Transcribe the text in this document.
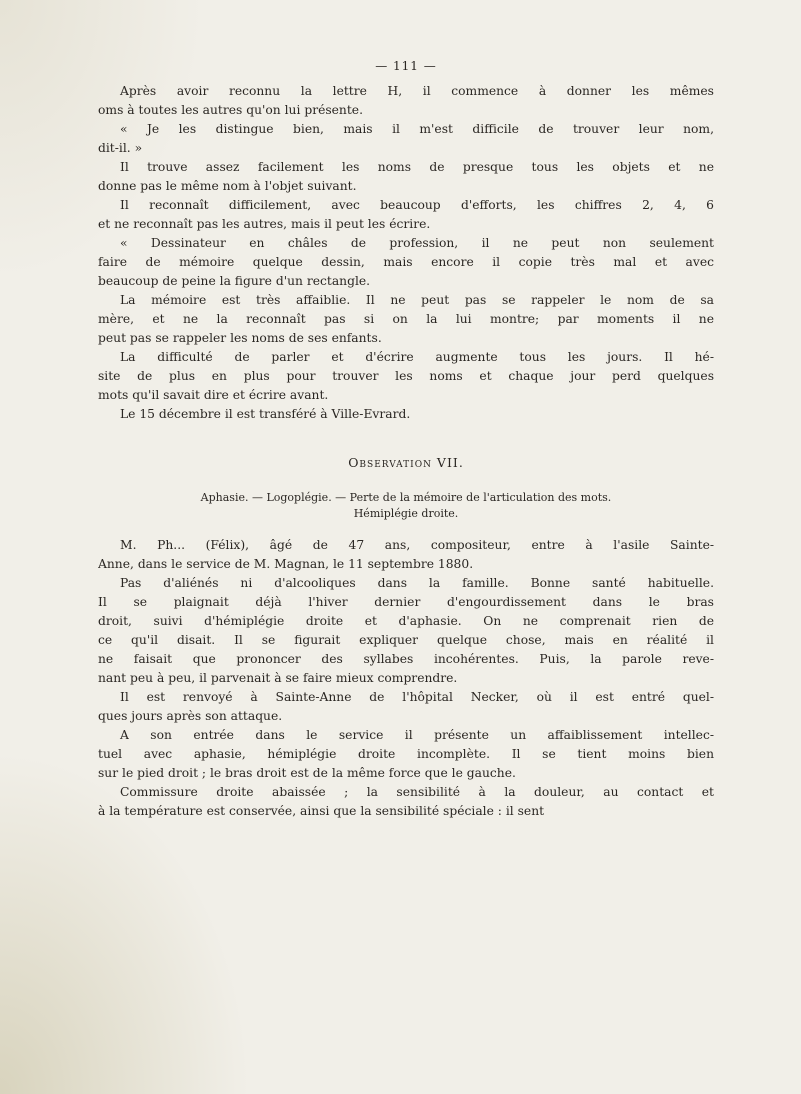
— 111 —

Après avoir reconnu la lettre H, il commence à donner les mêmes
oms à toutes les autres qu'on lui présente.

« Je les distingue bien, mais il m'est difficile de trouver leur nom,
dit-il. »

Il trouve assez facilement les noms de presque tous les objets et ne
donne pas le même nom à l'objet suivant.

Il reconnaît difficilement, avec beaucoup d'efforts, les chiffres 2, 4, 6
et ne reconnaît pas les autres, mais il peut les écrire.

« Dessinateur en châles de profession, il ne peut non seulement
faire de mémoire quelque dessin, mais encore il copie très mal et avec
beaucoup de peine la figure d'un rectangle.

La mémoire est très affaiblie. Il ne peut pas se rappeler le nom de sa
mère, et ne la reconnaît pas si on la lui montre; par moments il ne
peut pas se rappeler les noms de ses enfants.

La difficulté de parler et d'écrire augmente tous les jours. Il hé-
site de plus en plus pour trouver les noms et chaque jour perd quelques
mots qu'il savait dire et écrire avant.

Le 15 décembre il est transféré à Ville-Evrard.

Observation VII.
Aphasie. — Logoplégie. — Perte de la mémoire de l'articulation des mots.
Hémiplégie droite.

M. Ph... (Félix), âgé de 47 ans, compositeur, entre à l'asile Sainte-
Anne, dans le service de M. Magnan, le 11 septembre 1880.

Pas d'aliénés ni d'alcooliques dans la famille. Bonne santé habituelle.
Il se plaignait déjà l'hiver dernier d'engourdissement dans le bras
droit, suivi d'hémiplégie droite et d'aphasie. On ne comprenait rien de
ce qu'il disait. Il se figurait expliquer quelque chose, mais en réalité il
ne faisait que prononcer des syllabes incohérentes. Puis, la parole reve-
nant peu à peu, il parvenait à se faire mieux comprendre.

Il est renvoyé à Sainte-Anne de l'hôpital Necker, où il est entré quel-
ques jours après son attaque.

A son entrée dans le service il présente un affaiblissement intellec-
tuel avec aphasie, hémiplégie droite incomplète. Il se tient moins bien
sur le pied droit ; le bras droit est de la même force que le gauche.

Commissure droite abaissée ; la sensibilité à la douleur, au contact et
à la température est conservée, ainsi que la sensibilité spéciale : il sent
